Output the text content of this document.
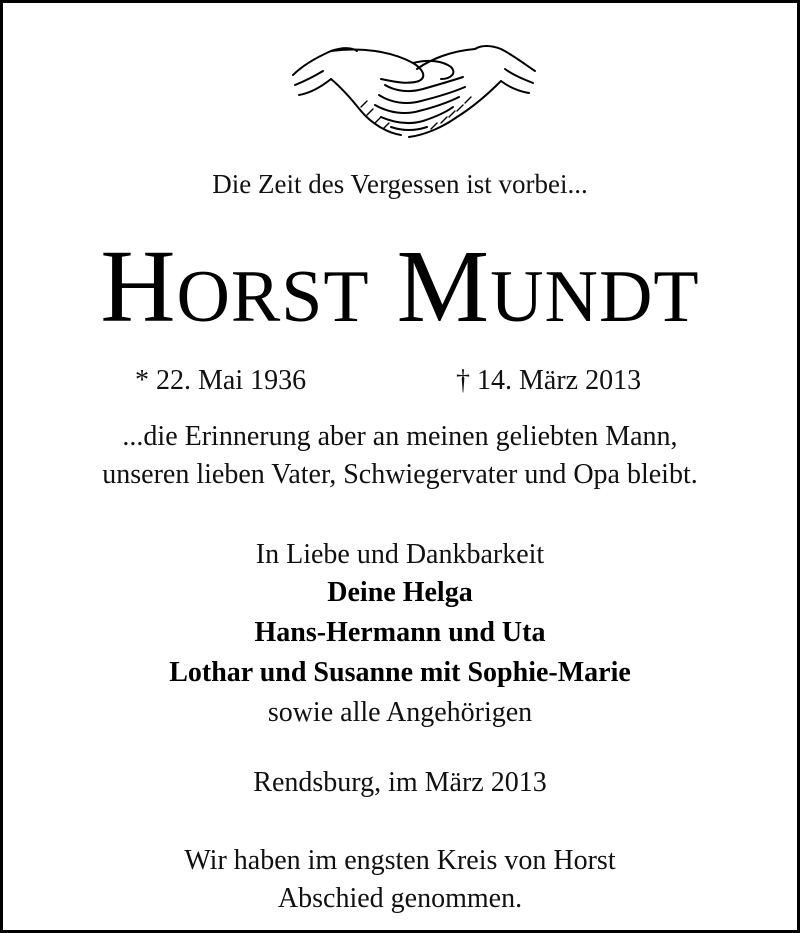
Die Zeit des Vergessen ist vorbei...
HORST MUNDT
* 22. Mai 1936	† 14. März 2013
...die Erinnerung aber an meinen geliebten Mann,
unseren lieben Vater, Schwiegervater und Opa bleibt.
In Liebe und Dankbarkeit
Deine Helga
Hans-Hermann und Uta
Lothar und Susanne mit Sophie-Marie
sowie alle Angehörigen
Rendsburg, im März 2013
Wir haben im engsten Kreis von Horst
Abschied genommen.
